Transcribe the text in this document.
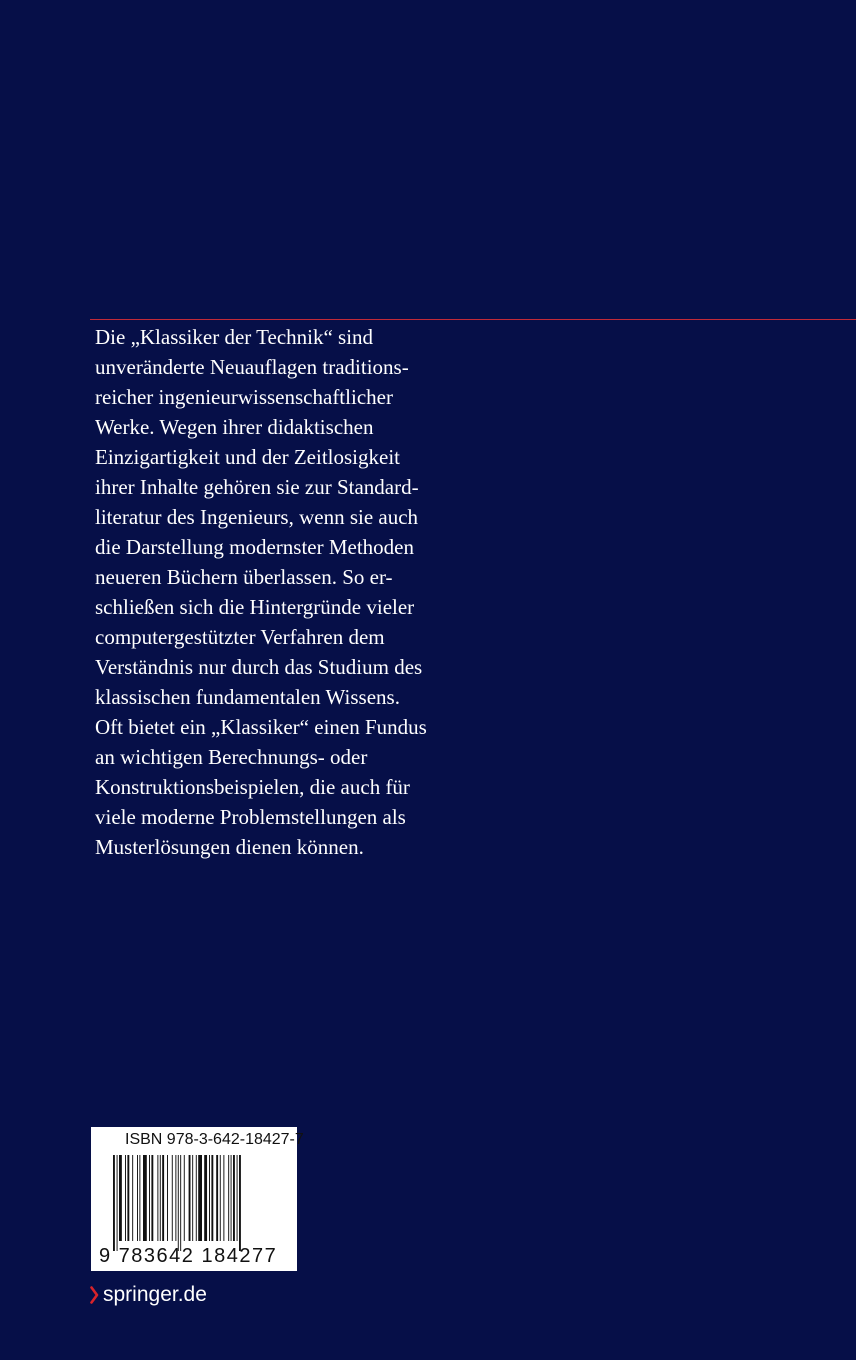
Die „Klassiker der Technik“ sind
unveränderte Neuauflagen traditions-
reicher ingenieurwissenschaftlicher
Werke. Wegen ihrer didaktischen
Einzigartigkeit und der Zeitlosigkeit
ihrer Inhalte gehören sie zur Standard-
literatur des Ingenieurs, wenn sie auch
die Darstellung modernster Methoden
neueren Büchern überlassen. So er-
schließen sich die Hintergründe vieler
computergestützter Verfahren dem
Verständnis nur durch das Studium des
klassischen fundamentalen Wissens.
Oft bietet ein „Klassiker“ einen Fundus
an wichtigen Berechnungs- oder
Konstruktionsbeispielen, die auch für
viele moderne Problemstellungen als
Musterlösungen dienen können.

ISBN 978-3-642-18427-7
9 783642 184277
springer.de
